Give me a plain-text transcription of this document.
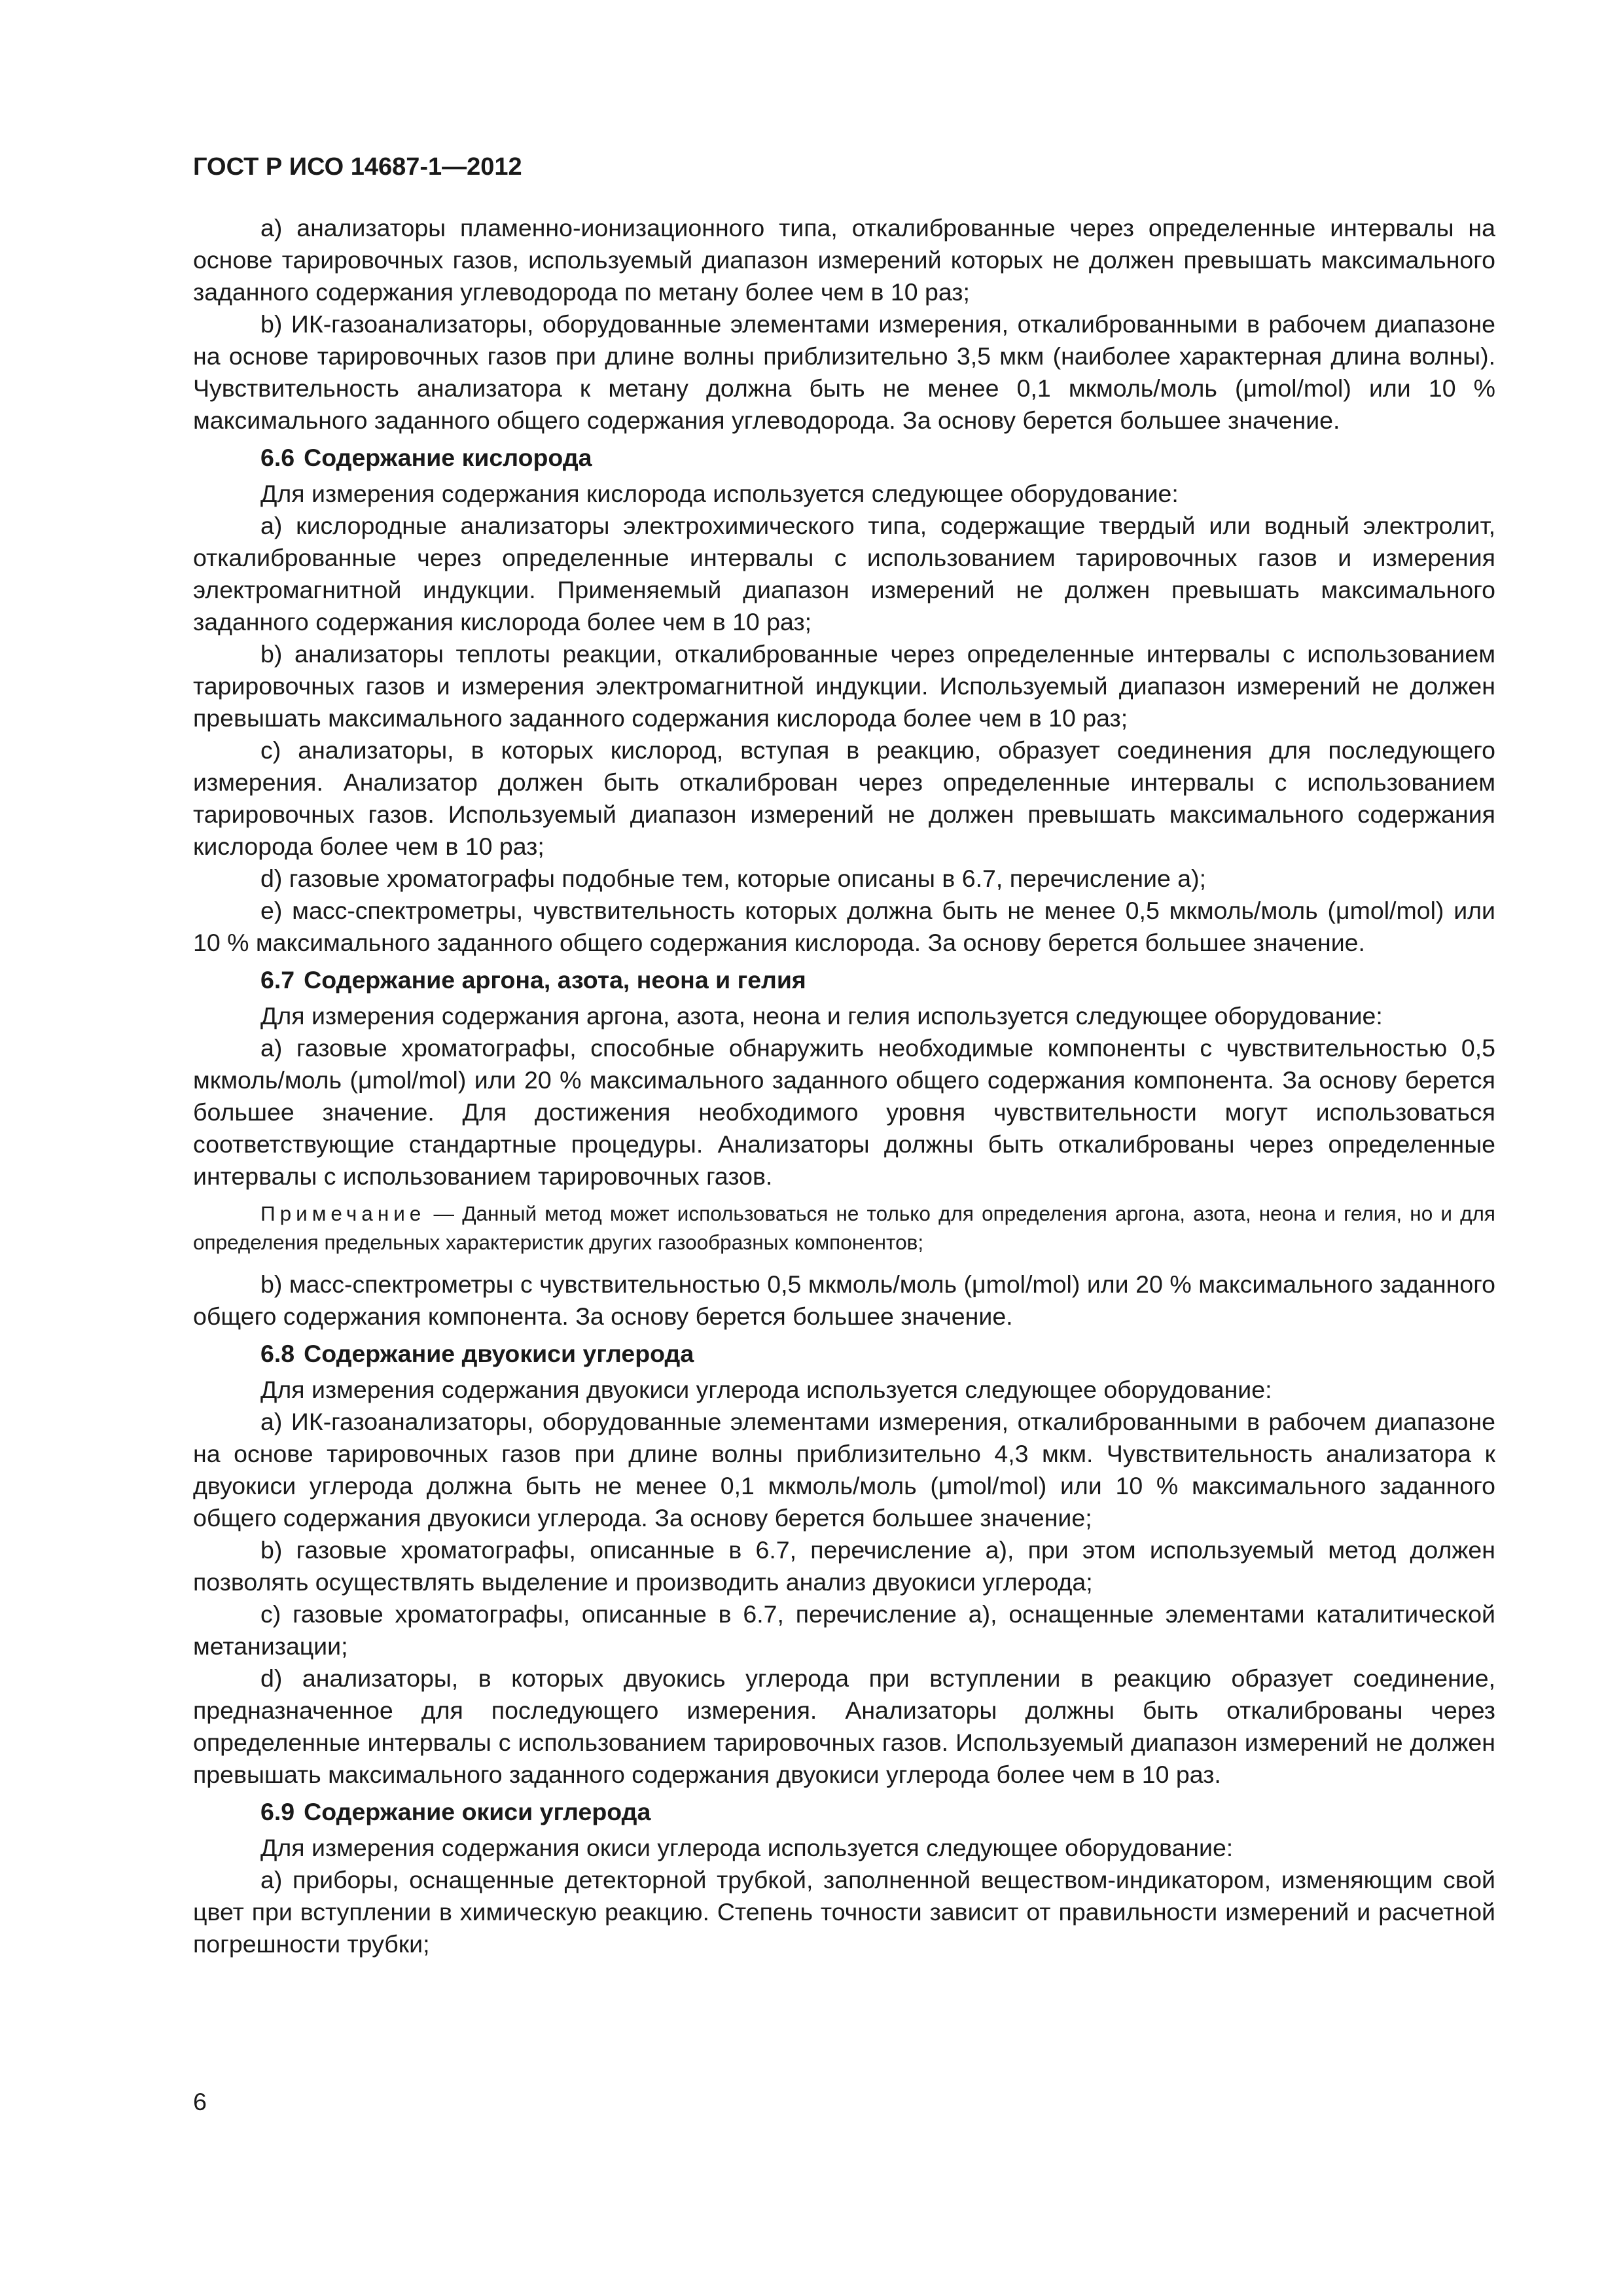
ГОСТ Р ИСО 14687-1—2012

a) анализаторы пламенно-ионизационного типа, откалиброванные через определенные интервалы на основе тарировочных газов, используемый диапазон измерений которых не должен превышать максимального заданного содержания углеводорода по метану более чем в 10 раз;

b) ИК-газоанализаторы, оборудованные элементами измерения, откалиброванными в рабочем диапазоне на основе тарировочных газов при длине волны приблизительно 3,5 мкм (наиболее характерная длина волны). Чувствительность анализатора к метану должна быть не менее 0,1 мкмоль/моль (μmol/mol) или 10 % максимального заданного общего содержания углеводорода. За основу берется большее значение.

6.6 Содержание кислорода

Для измерения содержания кислорода используется следующее оборудование:

a) кислородные анализаторы электрохимического типа, содержащие твердый или водный электролит, откалиброванные через определенные интервалы с использованием тарировочных газов и измерения электромагнитной индукции. Применяемый диапазон измерений не должен превышать максимального заданного содержания кислорода более чем в 10 раз;

b) анализаторы теплоты реакции, откалиброванные через определенные интервалы с использованием тарировочных газов и измерения электромагнитной индукции. Используемый диапазон измерений не должен превышать максимального заданного содержания кислорода более чем в 10 раз;

c) анализаторы, в которых кислород, вступая в реакцию, образует соединения для последующего измерения. Анализатор должен быть откалиброван через определенные интервалы с использованием тарировочных газов. Используемый диапазон измерений не должен превышать максимального содержания кислорода более чем в 10 раз;

d) газовые хроматографы подобные тем, которые описаны в 6.7, перечисление a);

e) масс-спектрометры, чувствительность которых должна быть не менее 0,5 мкмоль/моль (μmol/mol) или 10 % максимального заданного общего содержания кислорода. За основу берется большее значение.

6.7 Содержание аргона, азота, неона и гелия

Для измерения содержания аргона, азота, неона и гелия используется следующее оборудование:

a) газовые хроматографы, способные обнаружить необходимые компоненты с чувствительностью 0,5 мкмоль/моль (μmol/mol) или 20 % максимального заданного общего содержания компонента. За основу берется большее значение. Для достижения необходимого уровня чувствительности могут использоваться соответствующие стандартные процедуры. Анализаторы должны быть откалиброваны через определенные интервалы с использованием тарировочных газов.

Примечание — Данный метод может использоваться не только для определения аргона, азота, неона и гелия, но и для определения предельных характеристик других газообразных компонентов;

b) масс-спектрометры с чувствительностью 0,5 мкмоль/моль (μmol/mol) или 20 % максимального заданного общего содержания компонента. За основу берется большее значение.

6.8 Содержание двуокиси углерода

Для измерения содержания двуокиси углерода используется следующее оборудование:

a) ИК-газоанализаторы, оборудованные элементами измерения, откалиброванными в рабочем диапазоне на основе тарировочных газов при длине волны приблизительно 4,3 мкм. Чувствительность анализатора к двуокиси углерода должна быть не менее 0,1 мкмоль/моль (μmol/mol) или 10 % максимального заданного общего содержания двуокиси углерода. За основу берется большее значение;

b) газовые хроматографы, описанные в 6.7, перечисление a), при этом используемый метод должен позволять осуществлять выделение и производить анализ двуокиси углерода;

c) газовые хроматографы, описанные в 6.7, перечисление a), оснащенные элементами каталитической метанизации;

d) анализаторы, в которых двуокись углерода при вступлении в реакцию образует соединение, предназначенное для последующего измерения. Анализаторы должны быть откалиброваны через определенные интервалы с использованием тарировочных газов. Используемый диапазон измерений не должен превышать максимального заданного содержания двуокиси углерода более чем в 10 раз.

6.9 Содержание окиси углерода

Для измерения содержания окиси углерода используется следующее оборудование:

a) приборы, оснащенные детекторной трубкой, заполненной веществом-индикатором, изменяющим свой цвет при вступлении в химическую реакцию. Степень точности зависит от правильности измерений и расчетной погрешности трубки;

6
